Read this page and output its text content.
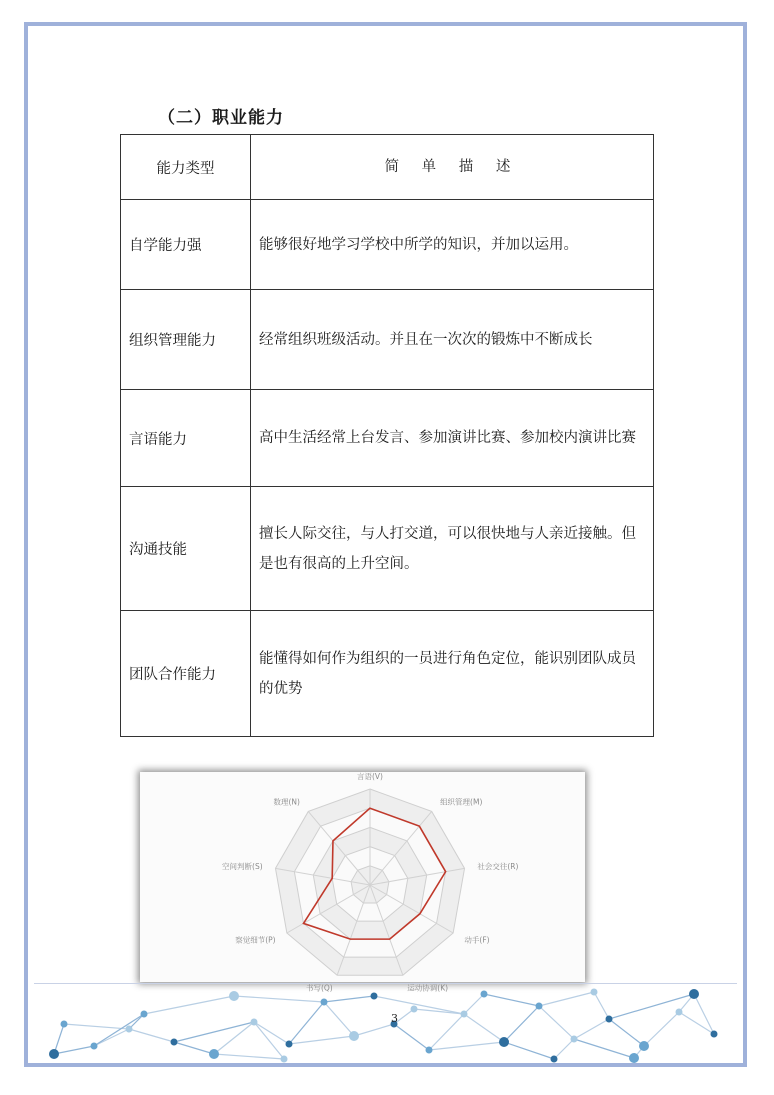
（二）职业能力
能力类型	简 单 描 述
自学能力强	能够很好地学习学校中所学的知识，并加以运用。
组织管理能力	经常组织班级活动。并且在一次次的锻炼中不断成长
言语能力	高中生活经常上台发言、参加演讲比赛、参加校内演讲比赛
沟通技能	擅长人际交往，与人打交道，可以很快地与人亲近接触。但是也有很高的上升空间。
团队合作能力	能懂得如何作为组织的一员进行角色定位，能识别团队成员的优势
言语(V)
组织管理(M)
社会交往(R)
动手(F)
运动协调(K)
书写(Q)
察觉细节(P)
空间判断(S)
数理(N)
3
